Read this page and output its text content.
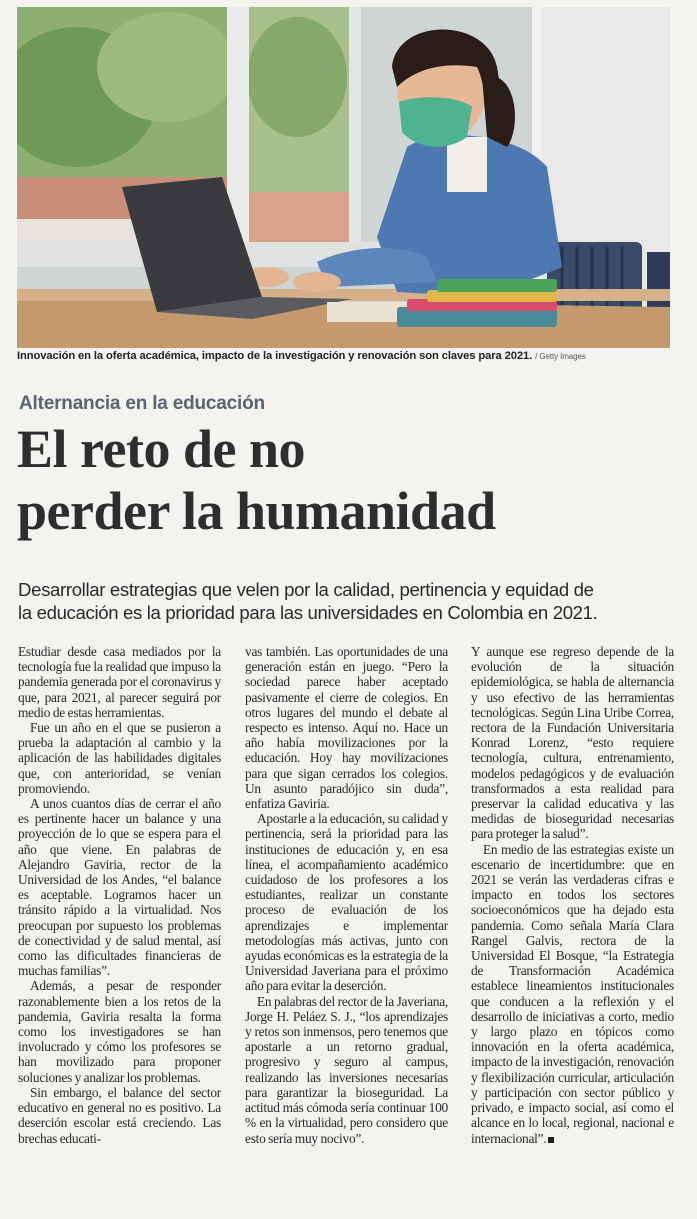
Innovación en la oferta académica, impacto de la investigación y renovación son claves para 2021. / Getty Images
Alternancia en la educación
El reto de no
perder la humanidad
Desarrollar estrategias que velen por la calidad, pertinencia y equidad de
la educación es la prioridad para las universidades en Colombia en 2021.

Estudiar desde casa mediados por la tecnología fue la realidad que impuso la pandemia generada por el coronavirus y que, para 2021, al parecer seguirá por medio de estas herramientas.

Fue un año en el que se pusieron a prueba la adaptación al cambio y la aplicación de las habilidades digitales que, con anterioridad, se venían promoviendo.

A unos cuantos días de cerrar el año es pertinente hacer un balance y una proyección de lo que se espera para el año que viene. En palabras de Alejandro Gaviria, rector de la Universidad de los Andes, “el balance es aceptable. Logramos hacer un tránsito rápido a la virtualidad. Nos preocupan por supuesto los problemas de conectividad y de salud mental, así como las dificultades financieras de muchas familias”.

Además, a pesar de responder razonablemente bien a los retos de la pandemia, Gaviria resalta la forma como los investigadores se han involucrado y cómo los profesores se han movilizado para proponer soluciones y analizar los problemas.

Sin embargo, el balance del sector educativo en general no es positivo. La deserción escolar está creciendo. Las brechas educati-

vas también. Las oportunidades de una generación están en juego. “Pero la sociedad parece haber aceptado pasivamente el cierre de colegios. En otros lugares del mundo el debate al respecto es intenso. Aquí no. Hace un año había movilizaciones por la educación. Hoy hay movilizaciones para que sigan cerrados los colegios. Un asunto paradójico sin duda”, enfatiza Gaviria.

Apostarle a la educación, su calidad y pertinencia, será la prioridad para las instituciones de educación y, en esa línea, el acompañamiento académico cuidadoso de los profesores a los estudiantes, realizar un constante proceso de evaluación de los aprendizajes e implementar metodologías más activas, junto con ayudas económicas es la estrategia de la Universidad Javeriana para el próximo año para evitar la deserción.

En palabras del rector de la Javeriana, Jorge H. Peláez S. J., “los aprendizajes y retos son inmensos, pero tenemos que apostarle a un retorno gradual, progresivo y seguro al campus, realizando las inversiones necesarias para garantizar la bioseguridad. La actitud más cómoda sería continuar 100 % en la virtualidad, pero considero que esto sería muy nocivo”.

Y aunque ese regreso depende de la evolución de la situación epidemiológica, se habla de alternancia y uso efectivo de las herramientas tecnológicas. Según Lina Uribe Correa, rectora de la Fundación Universitaria Konrad Lorenz, “esto requiere tecnología, cultura, entrenamiento, modelos pedagógicos y de evaluación transformados a esta realidad para preservar la calidad educativa y las medidas de bioseguridad necesarias para proteger la salud”.

En medio de las estrategias existe un escenario de incertidumbre: que en 2021 se verán las verdaderas cifras e impacto en todos los sectores socioeconómicos que ha dejado esta pandemia. Como señala María Clara Rangel Galvis, rectora de la Universidad El Bosque, “la Estrategia de Transformación Académica establece lineamientos institucionales que conducen a la reflexión y el desarrollo de iniciativas a corto, medio y largo plazo en tópicos como innovación en la oferta académica, impacto de la investigación, renovación y flexibilización curricular, articulación y participación con sector público y privado, e impacto social, así como el alcance en lo local, regional, nacional e internacional”.
